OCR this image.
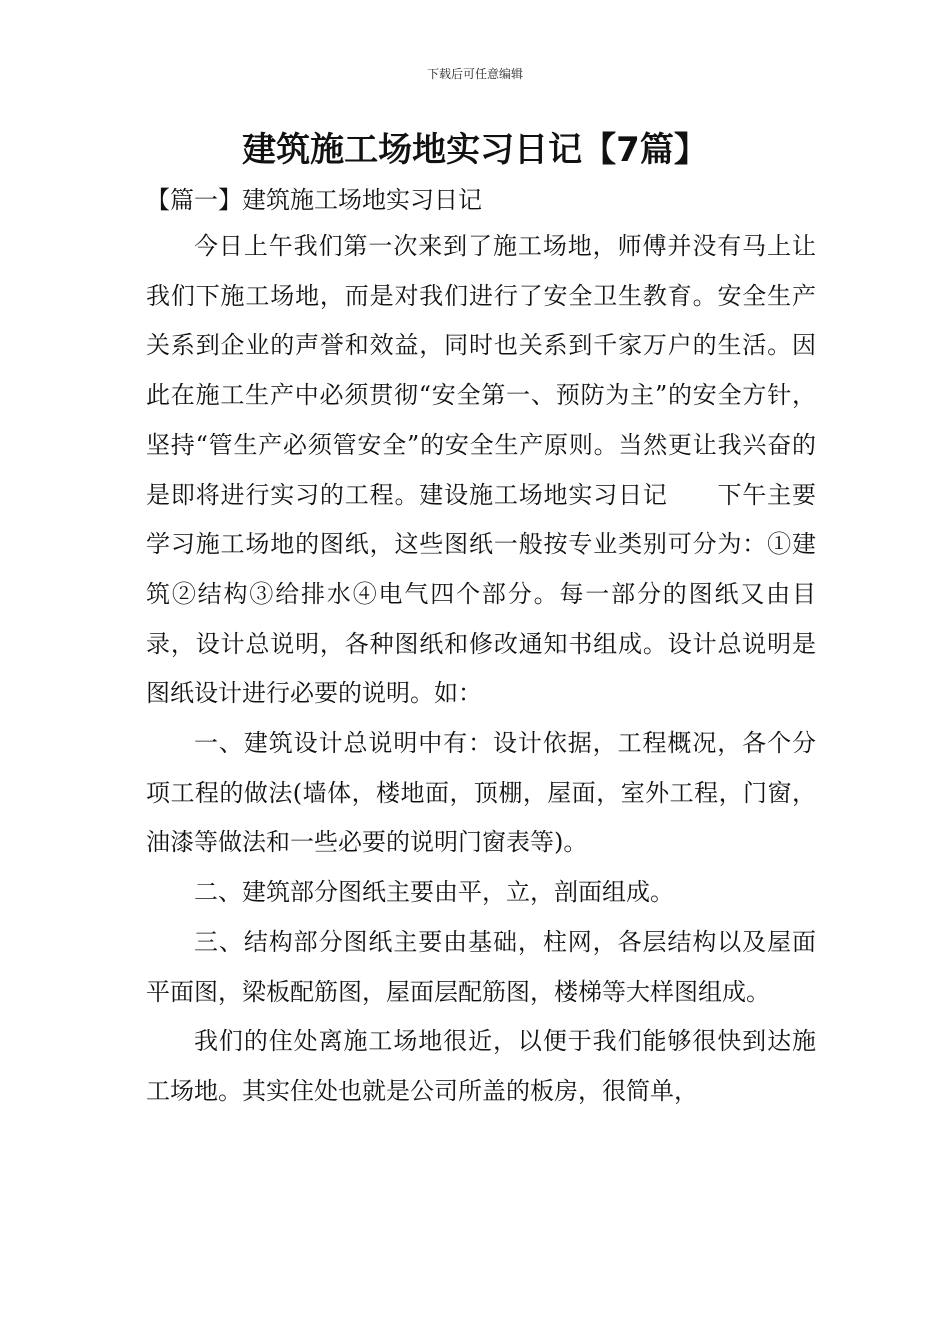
下载后可任意编辑
建筑施工场地实习日记【7篇】
【篇一】建筑施工场地实习日记

今日上午我们第一次来到了施工场地，师傅并没有马上让我们下施工场地，而是对我们进行了安全卫生教育。安全生产关系到企业的声誉和效益，同时也关系到千家万户的生活。因此在施工生产中必须贯彻“安全第一、预防为主”的安全方针，坚持“管生产必须管安全”的安全生产原则。当然更让我兴奋的是即将进行实习的工程。建设施工场地实习日记　　下午主要学习施工场地的图纸，这些图纸一般按专业类别可分为：①建筑②结构③给排水④电气四个部分。每一部分的图纸又由目录，设计总说明，各种图纸和修改通知书组成。设计总说明是图纸设计进行必要的说明。如：

一、建筑设计总说明中有：设计依据，工程概况，各个分项工程的做法(墙体，楼地面，顶棚，屋面，室外工程，门窗，油漆等做法和一些必要的说明门窗表等)。

二、建筑部分图纸主要由平，立，剖面组成。

三、结构部分图纸主要由基础，柱网，各层结构以及屋面平面图，梁板配筋图，屋面层配筋图，楼梯等大样图组成。

我们的住处离施工场地很近，以便于我们能够很快到达施工场地。其实住处也就是公司所盖的板房，很简单，
